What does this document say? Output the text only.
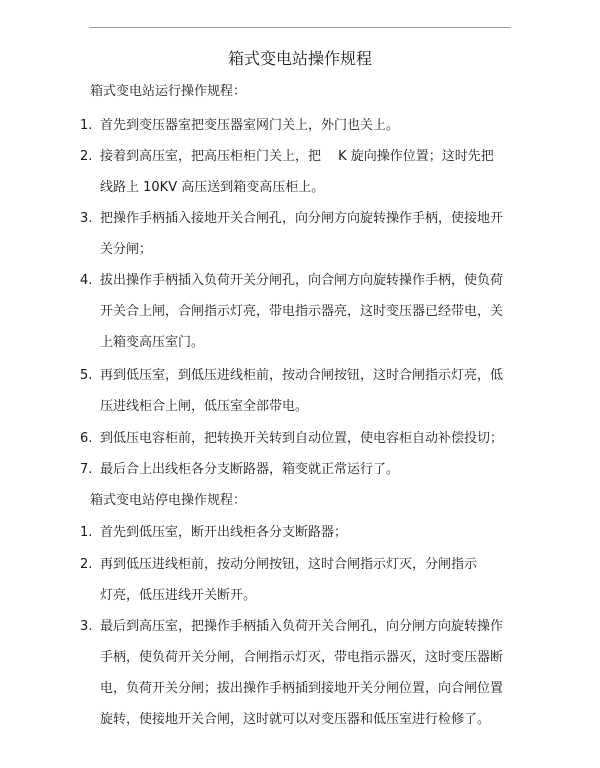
箱式变电站操作规程
箱式变电站运行操作规程：
1. 首先到变压器室把变压器室网门关上，外门也关上。
2. 接着到高压室，把高压柜柜门关上，把　 K 旋向操作位置；这时先把
线路上 10KV 高压送到箱变高压柜上。
3. 把操作手柄插入接地开关合闸孔，向分闸方向旋转操作手柄，使接地开
关分闸；
4. 拔出操作手柄插入负荷开关分闸孔，向合闸方向旋转操作手柄，使负荷
开关合上闸，合闸指示灯亮，带电指示器亮，这时变压器已经带电，关
上箱变高压室门。
5. 再到低压室，到低压进线柜前，按动合闸按钮，这时合闸指示灯亮，低
压进线柜合上闸，低压室全部带电。
6. 到低压电容柜前，把转换开关转到自动位置，使电容柜自动补偿投切；
7. 最后合上出线柜各分支断路器，箱变就正常运行了。
箱式变电站停电操作规程：
1. 首先到低压室，断开出线柜各分支断路器；
2. 再到低压进线柜前，按动分闸按钮，这时合闸指示灯灭，分闸指示
灯亮，低压进线开关断开。
3. 最后到高压室，把操作手柄插入负荷开关合闸孔，向分闸方向旋转操作
手柄，使负荷开关分闸，合闸指示灯灭，带电指示器灭，这时变压器断
电，负荷开关分闸；拔出操作手柄插到接地开关分闸位置，向合闸位置
旋转，使接地开关合闸，这时就可以对变压器和低压室进行检修了。
